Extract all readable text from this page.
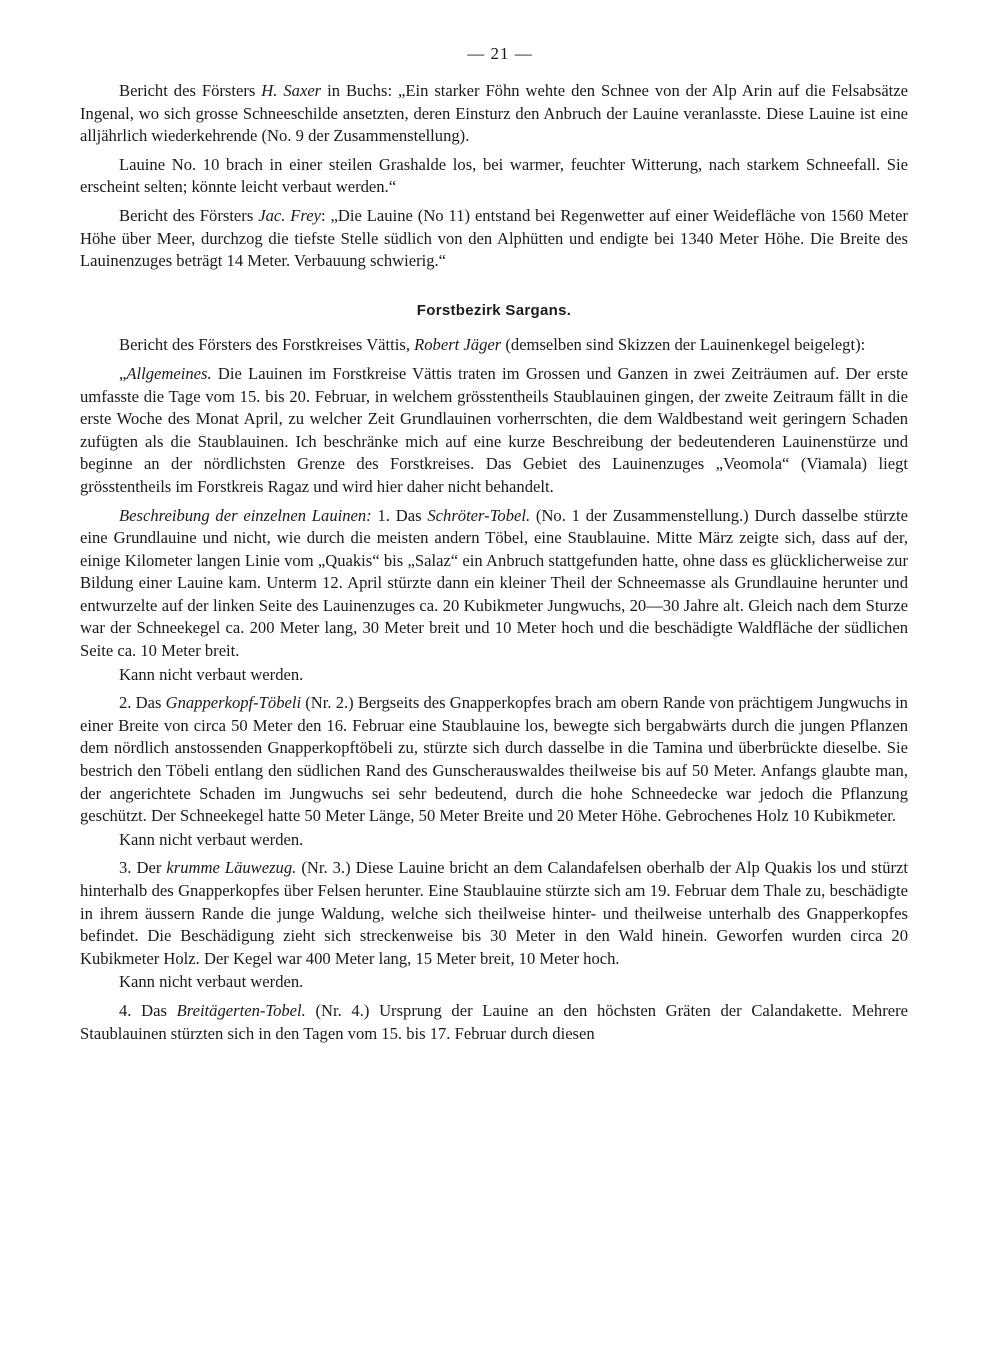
— 21 —

Bericht des Försters H. Saxer in Buchs: „Ein starker Föhn wehte den Schnee von der Alp Arin auf die Felsabsätze Ingenal, wo sich grosse Schneeschilde ansetzten, deren Einsturz den Anbruch der Lauine veranlasste. Diese Lauine ist eine alljährlich wiederkehrende (No. 9 der Zusammenstellung).

Lauine No. 10 brach in einer steilen Grashalde los, bei warmer, feuchter Witterung, nach starkem Schneefall. Sie erscheint selten; könnte leicht verbaut werden.“

Bericht des Försters Jac. Frey: „Die Lauine (No 11) entstand bei Regenwetter auf einer Weidefläche von 1560 Meter Höhe über Meer, durchzog die tiefste Stelle südlich von den Alphütten und endigte bei 1340 Meter Höhe. Die Breite des Lauinenzuges beträgt 14 Meter. Verbauung schwierig.“

Forstbezirk Sargans.

Bericht des Försters des Forstkreises Vättis, Robert Jäger (demselben sind Skizzen der Lauinenkegel beigelegt):

„Allgemeines. Die Lauinen im Forstkreise Vättis traten im Grossen und Ganzen in zwei Zeiträumen auf. Der erste umfasste die Tage vom 15. bis 20. Februar, in welchem grösstentheils Staublauinen gingen, der zweite Zeitraum fällt in die erste Woche des Monat April, zu welcher Zeit Grundlauinen vorherrschten, die dem Waldbestand weit geringern Schaden zufügten als die Staublauinen. Ich beschränke mich auf eine kurze Beschreibung der bedeutenderen Lauinenstürze und beginne an der nördlichsten Grenze des Forstkreises. Das Gebiet des Lauinenzuges „Veomola“ (Viamala) liegt grösstentheils im Forstkreis Ragaz und wird hier daher nicht behandelt.

Beschreibung der einzelnen Lauinen: 1. Das Schröter-Tobel. (No. 1 der Zusammenstellung.) Durch dasselbe stürzte eine Grundlauine und nicht, wie durch die meisten andern Töbel, eine Staublauine. Mitte März zeigte sich, dass auf der, einige Kilometer langen Linie vom „Quakis“ bis „Salaz“ ein Anbruch stattgefunden hatte, ohne dass es glücklicherweise zur Bildung einer Lauine kam. Unterm 12. April stürzte dann ein kleiner Theil der Schneemasse als Grundlauine herunter und entwurzelte auf der linken Seite des Lauinenzuges ca. 20 Kubikmeter Jungwuchs, 20—30 Jahre alt. Gleich nach dem Sturze war der Schneekegel ca. 200 Meter lang, 30 Meter breit und 10 Meter hoch und die beschädigte Waldfläche der südlichen Seite ca. 10 Meter breit.

Kann nicht verbaut werden.

2. Das Gnapperkopf-Töbeli (Nr. 2.) Bergseits des Gnapperkopfes brach am obern Rande von prächtigem Jungwuchs in einer Breite von circa 50 Meter den 16. Februar eine Staublauine los, bewegte sich bergabwärts durch die jungen Pflanzen dem nördlich anstossenden Gnapperkopftöbeli zu, stürzte sich durch dasselbe in die Tamina und überbrückte dieselbe. Sie bestrich den Töbeli entlang den südlichen Rand des Gunscherauswaldes theilweise bis auf 50 Meter. Anfangs glaubte man, der angerichtete Schaden im Jungwuchs sei sehr bedeutend, durch die hohe Schneedecke war jedoch die Pflanzung geschützt. Der Schneekegel hatte 50 Meter Länge, 50 Meter Breite und 20 Meter Höhe. Gebrochenes Holz 10 Kubikmeter.

Kann nicht verbaut werden.

3. Der krumme Läuwezug. (Nr. 3.) Diese Lauine bricht an dem Calandafelsen oberhalb der Alp Quakis los und stürzt hinterhalb des Gnapperkopfes über Felsen herunter. Eine Staublauine stürzte sich am 19. Februar dem Thale zu, beschädigte in ihrem äussern Rande die junge Waldung, welche sich theilweise hinter- und theilweise unterhalb des Gnapperkopfes befindet. Die Beschädigung zieht sich streckenweise bis 30 Meter in den Wald hinein. Geworfen wurden circa 20 Kubikmeter Holz. Der Kegel war 400 Meter lang, 15 Meter breit, 10 Meter hoch.

Kann nicht verbaut werden.

4. Das Breitägerten-Tobel. (Nr. 4.) Ursprung der Lauine an den höchsten Gräten der Calandakette. Mehrere Staublauinen stürzten sich in den Tagen vom 15. bis 17. Februar durch diesen
